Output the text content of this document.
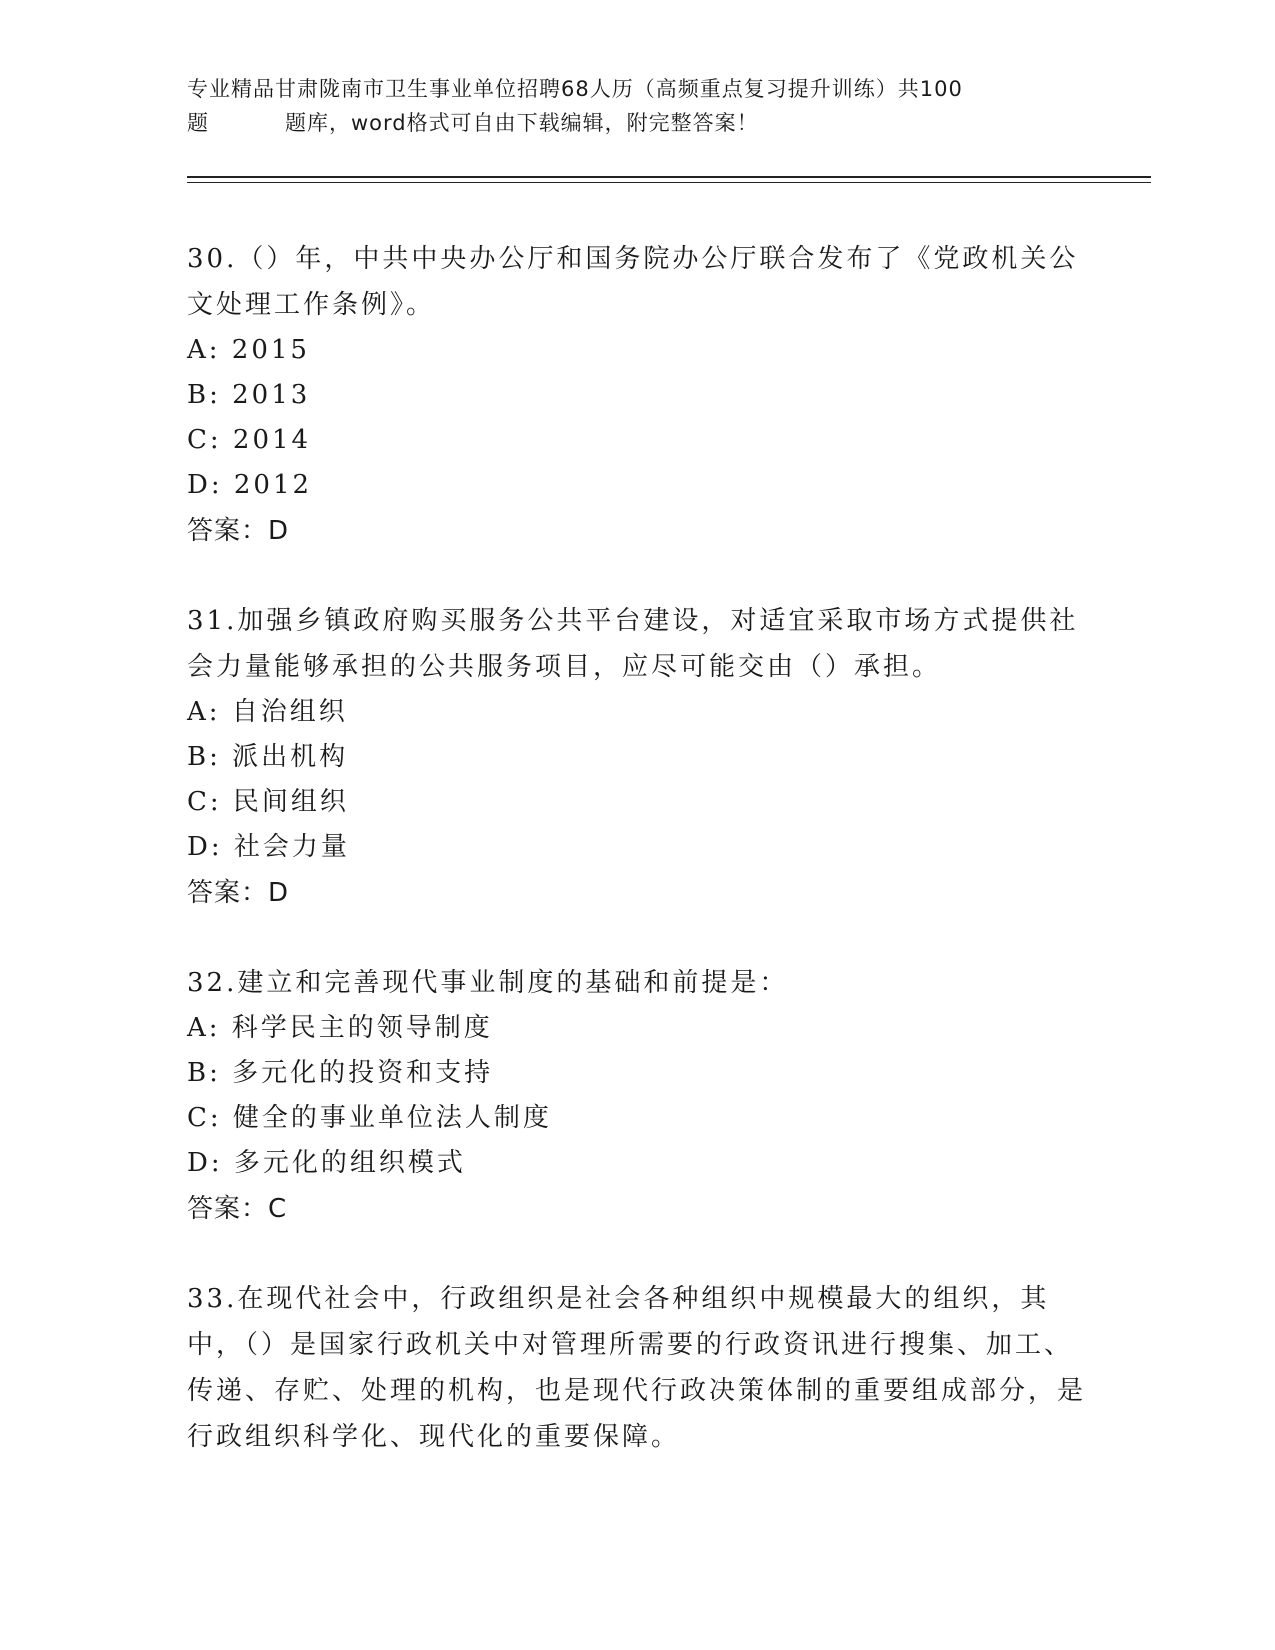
专业精品甘肃陇南市卫生事业单位招聘68人历（高频重点复习提升训练）共100
题	题库，word格式可自由下载编辑，附完整答案！
30.（）年，中共中央办公厅和国务院办公厅联合发布了《党政机关公文处理工作条例》。
A: 2015
B: 2013
C: 2014
D: 2012
答案：D
31.加强乡镇政府购买服务公共平台建设，对适宜采取市场方式提供社会力量能够承担的公共服务项目，应尽可能交由（）承担。
A: 自治组织
B: 派出机构
C: 民间组织
D: 社会力量
答案：D
32.建立和完善现代事业制度的基础和前提是：
A: 科学民主的领导制度
B: 多元化的投资和支持
C: 健全的事业单位法人制度
D: 多元化的组织模式
答案：C
33.在现代社会中，行政组织是社会各种组织中规模最大的组织，其中，（）是国家行政机关中对管理所需要的行政资讯进行搜集、加工、传递、存贮、处理的机构，也是现代行政决策体制的重要组成部分，是行政组织科学化、现代化的重要保障。
